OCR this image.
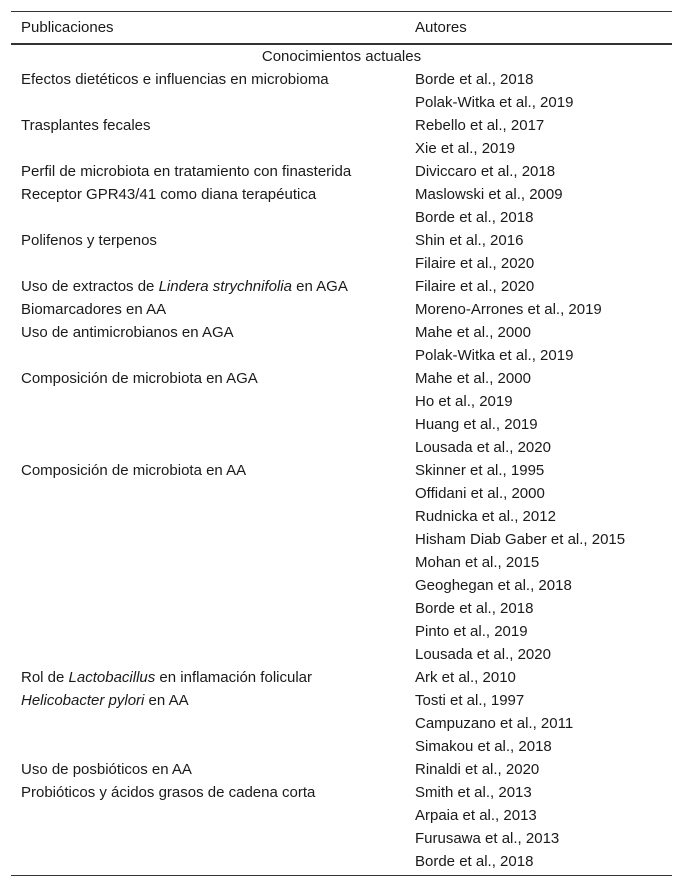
Publicaciones	Autores
Conocimientos actuales
Efectos dietéticos e influencias en microbioma	Borde et al., 2018
Polak-Witka et al., 2019
Trasplantes fecales	Rebello et al., 2017
Xie et al., 2019
Perfil de microbiota en tratamiento con finasterida	Diviccaro et al., 2018
Receptor GPR43/41 como diana terapéutica	Maslowski et al., 2009
Borde et al., 2018
Polifenos y terpenos	Shin et al., 2016
Filaire et al., 2020
Uso de extractos de Lindera strychnifolia en AGA	Filaire et al., 2020
Biomarcadores en AA	Moreno-Arrones et al., 2019
Uso de antimicrobianos en AGA	Mahe et al., 2000
Polak-Witka et al., 2019
Composición de microbiota en AGA	Mahe et al., 2000
Ho et al., 2019
Huang et al., 2019
Lousada et al., 2020
Composición de microbiota en AA	Skinner et al., 1995
Offidani et al., 2000
Rudnicka et al., 2012
Hisham Diab Gaber et al., 2015
Mohan et al., 2015
Geoghegan et al., 2018
Borde et al., 2018
Pinto et al., 2019
Lousada et al., 2020
Rol de Lactobacillus en inflamación folicular	Ark et al., 2010
Helicobacter pylori en AA	Tosti et al., 1997
Campuzano et al., 2011
Simakou et al., 2018
Uso de posbióticos en AA	Rinaldi et al., 2020
Probióticos y ácidos grasos de cadena corta	Smith et al., 2013
Arpaia et al., 2013
Furusawa et al., 2013
Borde et al., 2018
